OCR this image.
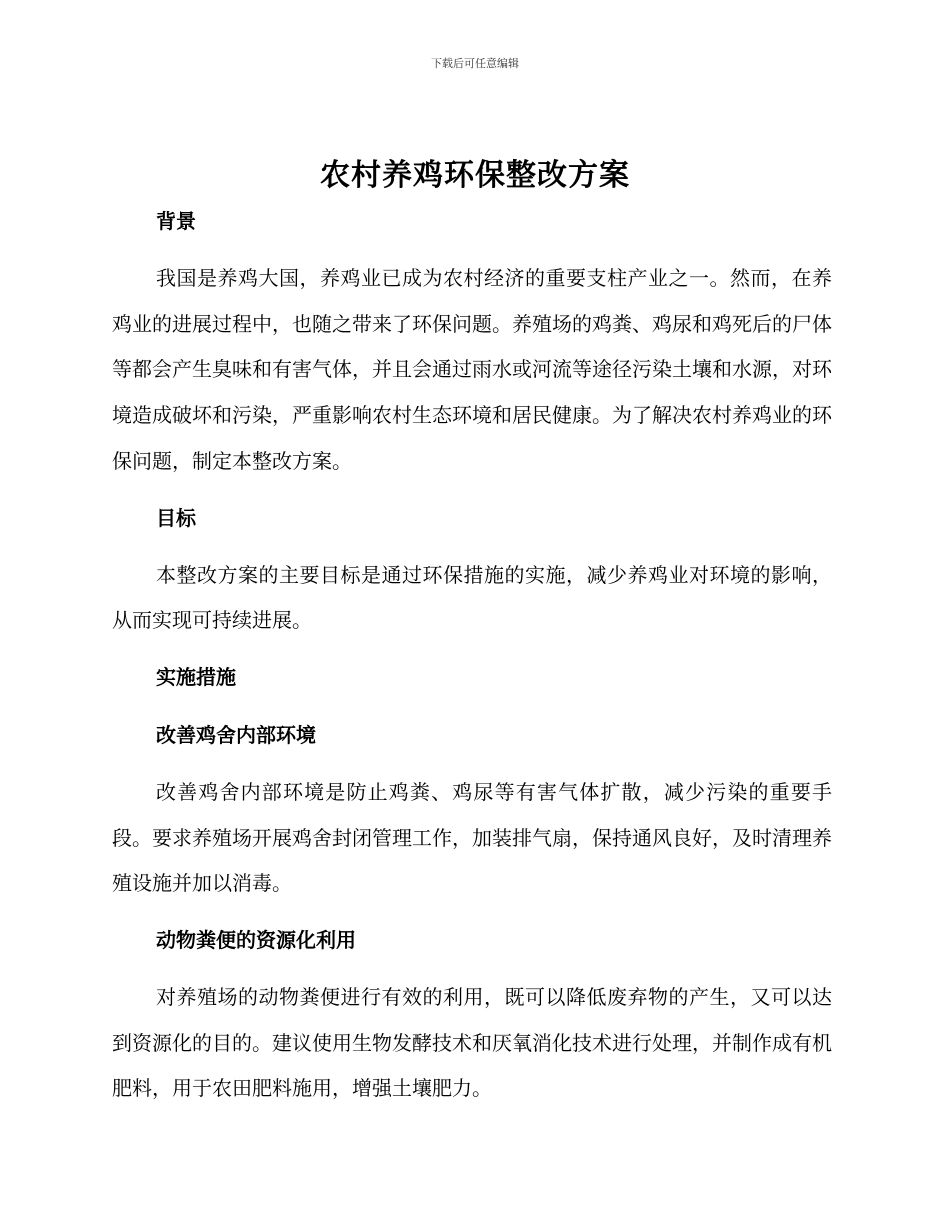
下载后可任意编辑
农村养鸡环保整改方案
背景

我国是养鸡大国，养鸡业已成为农村经济的重要支柱产业之一。然而，在养鸡业的进展过程中，也随之带来了环保问题。养殖场的鸡粪、鸡尿和鸡死后的尸体等都会产生臭味和有害气体，并且会通过雨水或河流等途径污染土壤和水源，对环境造成破坏和污染，严重影响农村生态环境和居民健康。为了解决农村养鸡业的环保问题，制定本整改方案。

目标

本整改方案的主要目标是通过环保措施的实施，减少养鸡业对环境的影响，从而实现可持续进展。

实施措施
改善鸡舍内部环境

改善鸡舍内部环境是防止鸡粪、鸡尿等有害气体扩散，减少污染的重要手段。要求养殖场开展鸡舍封闭管理工作，加装排气扇，保持通风良好，及时清理养殖设施并加以消毒。

动物粪便的资源化利用

对养殖场的动物粪便进行有效的利用，既可以降低废弃物的产生，又可以达到资源化的目的。建议使用生物发酵技术和厌氧消化技术进行处理，并制作成有机肥料，用于农田肥料施用，增强土壤肥力。
